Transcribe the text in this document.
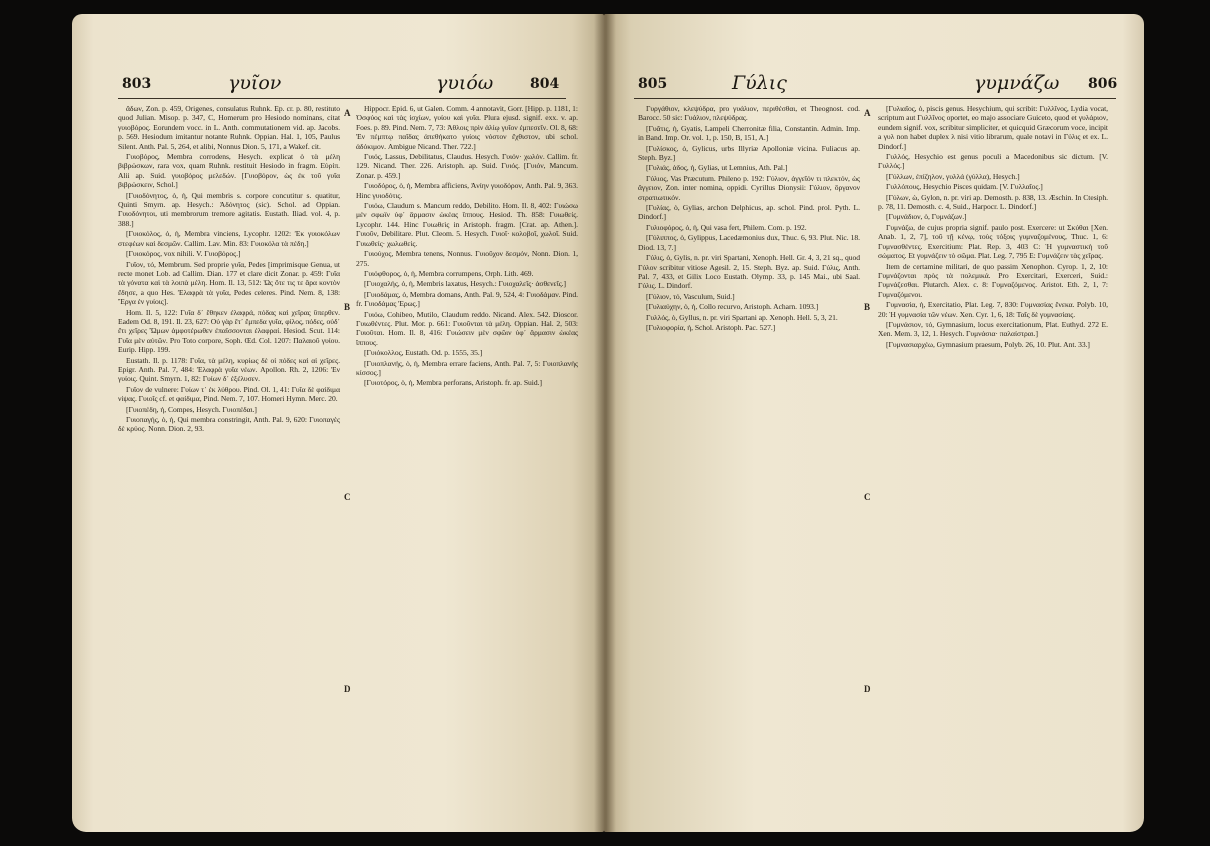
803	γυῖον	γυιόω	804

ἄδων, Zon. p. 459, Origenes, consulatus Ruhnk. Ep. cr. p. 80, restituto quod Julian. Misop. p. 347, C, Homerum pro Hesiodo nominans, citat γυιοβόρος. Eorundem vocc. in L. Anth. commutationem vid. ap. Jacobs. p. 569. Hesiodum imitantur notante Ruhnk. Oppian. Hal. 1, 105, Paulus Silent. Anth. Pal. 5, 264, et alibi, Nonnus Dion. 5, 171, a Wakef. cit.

Γυιοβόρος, Membra corrodens, Hesych. explicat ὁ τὰ μέλη βιβρώσκων, rara vox, quam Ruhnk. restituit Hesiodo in fragm. Εὐρίπ. Alii ap. Suid. γυιοβόρος μελεδών. [Γυιοβόρον, ὡς ἐκ τοῦ γυῖα βιβρώσκειν, Schol.]

[Γυιοδόνητος, ὁ, ἡ, Qui membris s. corpore concutitur s. quatitur, Quinti Smyrn. ap. Hesych.: Ἀδόνητος (sic). Schol. ad Oppian. Γυιοδόνητοι, uti membrorum tremore agitatis. Eustath. Iliad. vol. 4, p. 388.]

[Γυιοκόλος, ὁ, ἡ, Membra vinciens, Lycophr. 1202: Ἐκ γυιοκόλων στεφέων καὶ δεσμῶν. Callim. Lav. Min. 83: Γυιοκόλα τὰ πέδη.]

[Γυιοκόρος, vox nihili. V. Γυιοβόρος.]

Γυῖον, τό, Membrum. Sed proprie γυῖα, Pedes [imprimisque Genua, ut recte monet Lob. ad Callim. Dian. 177 et clare dicit Zonar. p. 459: Γυῖα τὰ γόνατα καὶ τὰ λοιπὰ μέλη. Hom. Il. 13, 512: Ὡς ὅτε τις τε ἄρα κοντὸν ἔδησε, a quo Hes. Ἐλαφρὰ τὰ γυῖα, Pedes celeres. Pind. Nem. 8, 138: Ἔργα ἐν γυίοις].

Hom. Il. 5, 122: Γυῖα δ᾽ ἔθηκεν ἐλαφρά, πόδας καὶ χεῖρας ὕπερθεν. Eadem Od. 8, 191. Il. 23, 627: Οὐ γὰρ ἔτ᾽ ἔμπεδα γυῖα, φίλος, πόδες, οὐδ᾽ ἔτι χεῖρες Ὤμων ἀμφοτέρωθεν ἐπαΐσσονται ἐλαφραί. Hesiod. Scut. 114: Γυῖα μὲν αὐτῶν. Pro Toto corpore, Soph. Œd. Col. 1207: Παλαιοῦ γυίου. Eurip. Hipp. 199.

Eustath. Il. p. 1178: Γυῖα, τὰ μέλη, κυρίως δὲ οἱ πόδες καὶ αἱ χεῖρες. Epigr. Anth. Pal. 7, 484: Ἐλαφρὰ γυῖα νέων. Apollon. Rh. 2, 1206: Ἐν γυίοις. Quint. Smyrn. 1, 82: Γυίων δ᾽ ἐξέλυσεν.

Γυῖον de vulnere: Γυίων τ᾽ ἐκ λύθρου. Pind. Ol. 1, 41: Γυῖα δὲ φαίδιμα νίψας. Γυιοῖς cf. et φαίδιμα, Pind. Nem. 7, 107. Homeri Hymn. Merc. 20.

[Γυιοπέδη, ἡ, Compes, Hesych. Γυιοπέδαι.]

Γυιοπαγής, ὁ, ἡ, Qui membra constringit, Anth. Pal. 9, 620: Γυιοπαγὲς δὲ κρύος. Nonn. Dion. 2, 93.

A
B
C
D

Hippocr. Epid. 6, ut Galen. Comm. 4 annotavit, Gorr. [Hipp. p. 1181, 1: Ὀσφύος καὶ τὰς ἰσχίων, γυίου καὶ γυῖα. Plura ejusd. signif. exx. v. ap. Foes. p. 89. Pind. Nem. 7, 73: Ἀθλοις πρὶν ἁλίῳ γυῖον ἐμπεσεῖν. Ol. 8, 68: Ἐν πέμπτῳ παῖδας ἀπεθήκατο γυίοις νόστον ἔχθιστον, ubi schol. ἀδόκιμον. Ambigue Nicand. Ther. 722.]

Γυιός, Lassus, Debilitatus, Claudus. Hesych. Γυιόν· χωλόν. Callim. fr. 129. Nicand. Ther. 226. Aristoph. ap. Suid. Γυιός. [Γυιόν, Mancum. Zonar. p. 459.]

Γυιοδόρος, ὁ, ἡ, Membra afficiens, Ἀνίην γυιοδόρον, Anth. Pal. 9, 363. Hinc γυιοδότις.

Γυιόω, Claudum s. Mancum reddo, Debilito. Hom. Il. 8, 402: Γυιώσω μέν σφωϊν ὑφ᾽ ἅρμασιν ὠκέας ἵππους. Hesiod. Th. 858: Γυιωθείς. Lycophr. 144. Hinc Γυιωθεὶς in Aristoph. fragm. [Crat. ap. Athen.]. Γυιοῦν, Debilitare. Plut. Cleom. 5. Hesych. Γυιοῖ· κολοβοῖ, χωλοῖ. Suid. Γυιωθείς· χωλωθείς.

Γυιούχος, Membra tenens, Nonnus. Γυιοῦχον δεσμόν, Nonn. Dion. 1, 275.

Γυιόφθορος, ὁ, ἡ, Membra corrumpens, Orph. Lith. 469.

[Γυιοχαλής, ὁ, ἡ, Membris laxatus, Hesych.: Γυιοχαλεῖς· ἀσθενεῖς.]

[Γυιοδάμας, ὁ, Membra domans, Anth. Pal. 9, 524, 4: Γυιοδάμαν. Pind. fr. Γυιοδάμας Ἐρως.]

Γυιόω, Cohibeo, Mutilo, Claudum reddo. Nicand. Alex. 542. Dioscor. Γυιωθέντες. Plut. Mor. p. 661: Γυιοῦνται τὰ μέλη. Oppian. Hal. 2, 503: Γυιοῦται. Hom. Il. 8, 416: Γυιώσειν μὲν σφῶιν ὑφ᾽ ἅρμασιν ὠκέας ἵππους.

[Γυιόκολλος, Eustath. Od. p. 1555, 35.]

[Γυιοπλανής, ὁ, ἡ, Membra errare faciens, Anth. Pal. 7, 5: Γυιοπλανὴς κίσσος.]

[Γυιοτόρος, ὁ, ἡ, Membra perforans, Aristoph. fr. ap. Suid.]

805	Γύλις	γυμνάζω 806

Γυργάθιον, κλεψύδρα, pro γυάλιον, περιθέσθαι, et Theognost. cod. Barocc. 50 sic: Γυάλιον, πλεψύδρας.

[Γυᾶτις, ἡ, Gyatis, Lampeli Cherronitæ filia, Constantin. Admin. Imp. in Band. Imp. Or. vol. 1, p. 150, B, 151, A.]

[Γυλίσκος, ὁ, Gylicus, urbs Illyriæ Apolloniæ vicina. Fuliacus ap. Steph. Byz.]

[Γυλιάς, ἀδος, ἡ, Gylias, ut Lemnius, Ath. Pal.]

Γύλιος, Vas Præcutum. Phileno p. 192: Γύλιον, ἀγγεῖόν τι πλεκτόν, ὡς ἄγγειον, Zon. inter nomina, oppidi. Cyrillus Dionysii: Γύλιον, ὅργανον στρατιωτικόν.

[Γυλίας, ὁ, Gylias, archon Delphicus, ap. schol. Pind. prol. Pyth. L. Dindorf.]

Γυλιοφόρος, ὁ, ἡ, Qui vasa fert, Philem. Com. p. 192.

[Γύλιππος, ὁ, Gylippus, Lacedæmonius dux, Thuc. 6, 93. Plut. Nic. 18. Diod. 13, 7.]

Γύλις, ὁ, Gylis, n. pr. viri Spartani, Xenoph. Hell. Gr. 4, 3, 21 sq., quod Γύλον scribitur vitiose Agesil. 2, 15. Steph. Byz. ap. Suid. Γύλις, Anth. Pal. 7, 433, et Gilix Loco Eustath. Olymp. 33, p. 145 Mai., ubi Saal. Γύλις. L. Dindorf.

[Γύλιον, τό, Vasculum, Suid.]

[Γυλιαύχην, ὁ, ἡ, Collo recurvo, Aristoph. Acharn. 1093.]

Γυλλός, ὁ, Gyllus, n. pr. viri Spartani ap. Xenoph. Hell. 5, 3, 21.

[Γυλιοφορία, ἡ, Schol. Aristoph. Pac. 527.]

A
B
C
D

[Γυλιαῖος, ὁ, piscis genus. Hesychium, qui scribit: Γυλλῖνος, Lydia vocat, scriptum aut Γυλλῖνος oportet, eo majo associare Guiceto, quod et γυλάριον, eundem signif. vox, scribitur simpliciter, et quicquid Græcorum voce, incipit a γυλ non habet duplex λ nisi vitio librarum, quale notavi in Γύλις et ex. L. Dindorf.]

Γυλλός, Hesychio est genus poculi a Macedonibus sic dictum. [V. Γυλλός.]

[Γύλλων, ἐπίζηλον, γυλλά (γύλλα), Hesych.]

Γυλλόπους, Hesychio Pisces quidam. [V. Γυλλαῖος.]

[Γύλων, ὡ, Gylon, n. pr. viri ap. Demosth. p. 838, 13. Æschin. In Ctesiph. p. 78, 11. Demosth. c. 4, Suid., Harpocr. L. Dindorf.]

[Γυμνάδιον, ὁ, Γυμνάζων.]

Γυμνάζω, de cujus propria signif. paulo post. Exercere: ut Σκύθαι [Xen. Anab. 1, 2, 7], τοῦ τῇ κένῳ, τοὺς τόξοις γυμναζομένους, Thuc. 1, 6: Γυμνασθέντες. Exercitium: Plat. Rep. 3, 403 C: Ἡ γυμναστικὴ τοῦ σώματος. Et γυμνάζειν τὸ σῶμα. Plat. Leg. 7, 795 E: Γυμνάζειν τὰς χεῖρας.

Item de certamine militari, de quo passim Xenophon. Cyrop. 1, 2, 10: Γυμνάζονται πρὸς τὰ πολεμικά. Pro Exercitari, Exerceri, Suid.: Γυμνάζεσθαι. Plutarch. Alex. c. 8: Γυμναζόμενος. Aristot. Eth. 2, 1, 7: Γυμναζόμενοι.

Γυμνασία, ἡ, Exercitatio, Plat. Leg. 7, 830: Γυμνασίας ἕνεκα. Polyb. 10, 20: Ἡ γυμνασία τῶν νέων. Xen. Cyr. 1, 6, 18: Ταῖς δὲ γυμνασίαις.

[Γυμνάσιον, τό, Gymnasium, locus exercitationum, Plat. Euthyd. 272 E. Xen. Mem. 3, 12, 1. Hesych. Γυμνάσια· παλαίστραι.]

[Γυμνασιαρχέω, Gymnasium praesum, Polyb. 26, 10. Plut. Ant. 33.]
